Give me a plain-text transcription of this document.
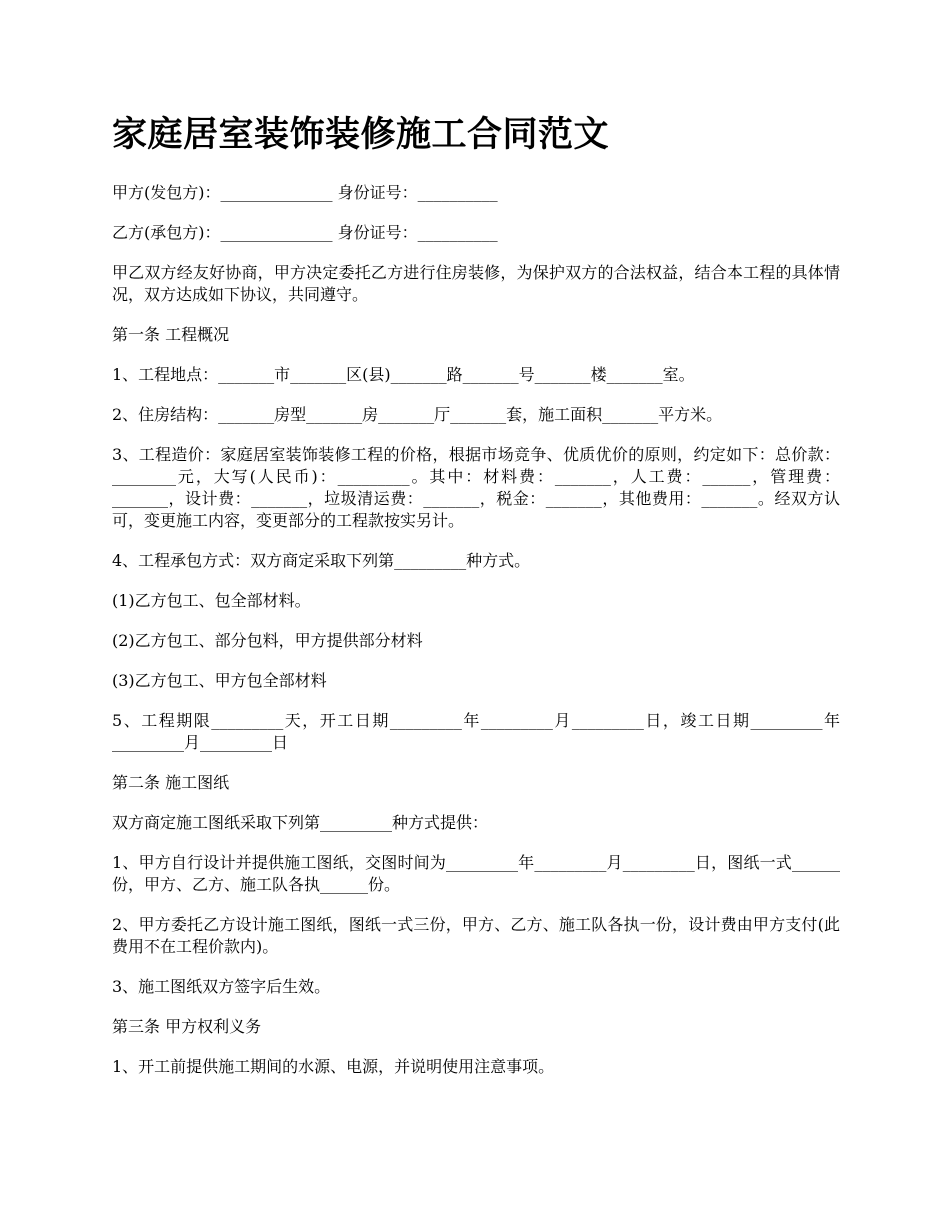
家庭居室装饰装修施工合同范文

甲方(发包方)：______________ 身份证号：__________

乙方(承包方)：______________ 身份证号：__________

甲乙双方经友好协商，甲方决定委托乙方进行住房装修，为保护双方的合法权益，结合本工程的具体情况，双方达成如下协议，共同遵守。

第一条 工程概况

1、工程地点：_______市_______区(县)_______路_______号_______楼_______室。

2、住房结构：_______房型_______房_______厅_______套，施工面积_______平方米。

3、工程造价：家庭居室装饰装修工程的价格，根据市场竞争、优质优价的原则，约定如下：总价款：________元，大写(人民币)：_________。其中：材料费：_______，人工费：______，管理费：_______，设计费：_______，垃圾清运费：_______，税金：_______，其他费用：_______。经双方认可，变更施工内容，变更部分的工程款按实另计。

4、工程承包方式：双方商定采取下列第_________种方式。

(1)乙方包工、包全部材料。

(2)乙方包工、部分包料，甲方提供部分材料

(3)乙方包工、甲方包全部材料

5、工程期限_________天，开工日期_________年_________月_________日，竣工日期_________年_________月_________日

第二条 施工图纸

双方商定施工图纸采取下列第_________种方式提供：

1、甲方自行设计并提供施工图纸，交图时间为_________年_________月_________日，图纸一式______份，甲方、乙方、施工队各执______份。

2、甲方委托乙方设计施工图纸，图纸一式三份，甲方、乙方、施工队各执一份，设计费由甲方支付(此费用不在工程价款内)。

3、施工图纸双方签字后生效。

第三条 甲方权利义务

1、开工前提供施工期间的水源、电源，并说明使用注意事项。
